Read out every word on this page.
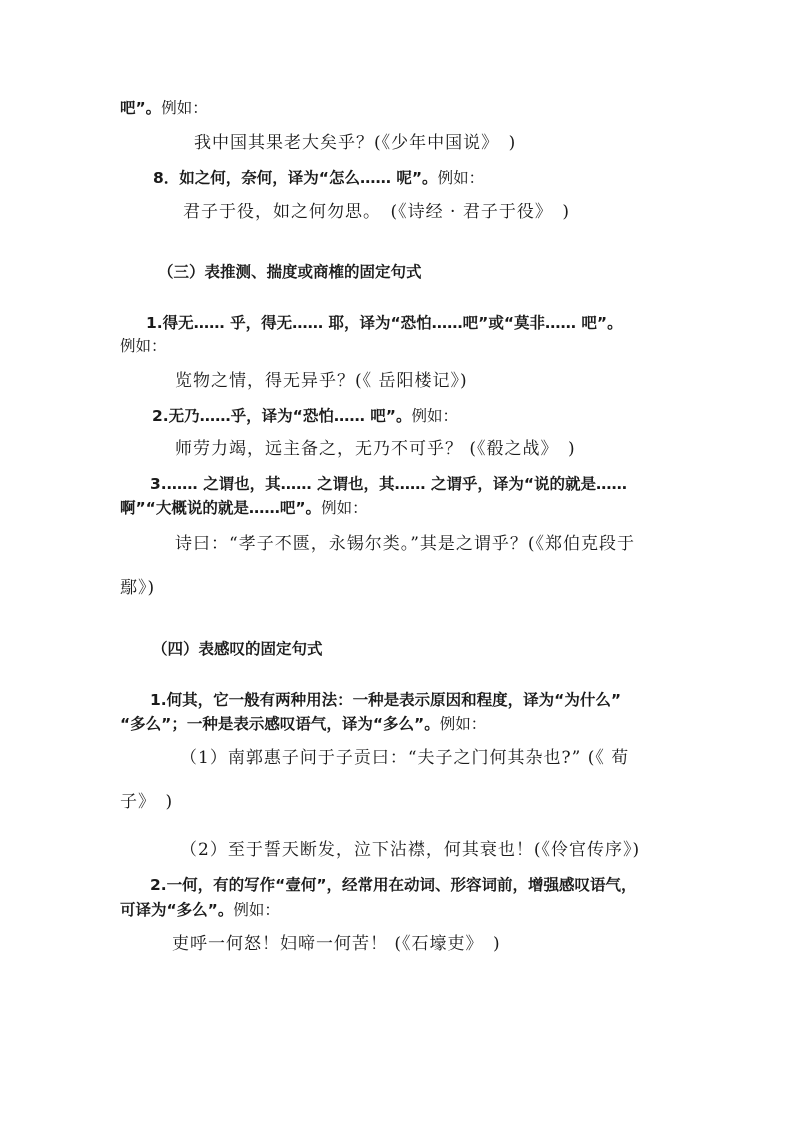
吧”。例如：

我中国其果老大矣乎？(《少年中国说》　)

8．如之何，奈何，译为“怎么…… 呢”。例如：

君子于役，如之何勿思。　(《诗经 · 君子于役》　)

（三）表推测、揣度或商榷的固定句式

1.得无…… 乎，得无…… 耶，译为“恐怕……吧”或“莫非…… 吧”。

例如：

览物之情，得无异乎？(《 岳阳楼记》)

2.无乃……乎，译为“恐怕…… 吧”。例如：

师劳力竭，远主备之，无乃不可乎？ (《殽之战》　)

3.…… 之谓也，其…… 之谓也，其…… 之谓乎，译为“说的就是……

啊”“大概说的就是……吧”。例如：

诗曰：“孝子不匮，永锡尔类。”其是之谓乎？(《郑伯克段于

鄢》)

（四）表感叹的固定句式

1.何其，它一般有两种用法：一种是表示原因和程度，译为“为什么”

“多么”；一种是表示感叹语气，译为“多么”。例如：

（1）南郭惠子问于子贡曰：“夫子之门何其杂也?” (《 荀

子》　)

（2）至于誓天断发，泣下沾襟，何其衰也！(《伶官传序》)

2.一何，有的写作“壹何”，经常用在动词、形容词前，增强感叹语气，

可译为“多么”。例如：

吏呼一何怒！妇啼一何苦！ (《石壕吏》　)
